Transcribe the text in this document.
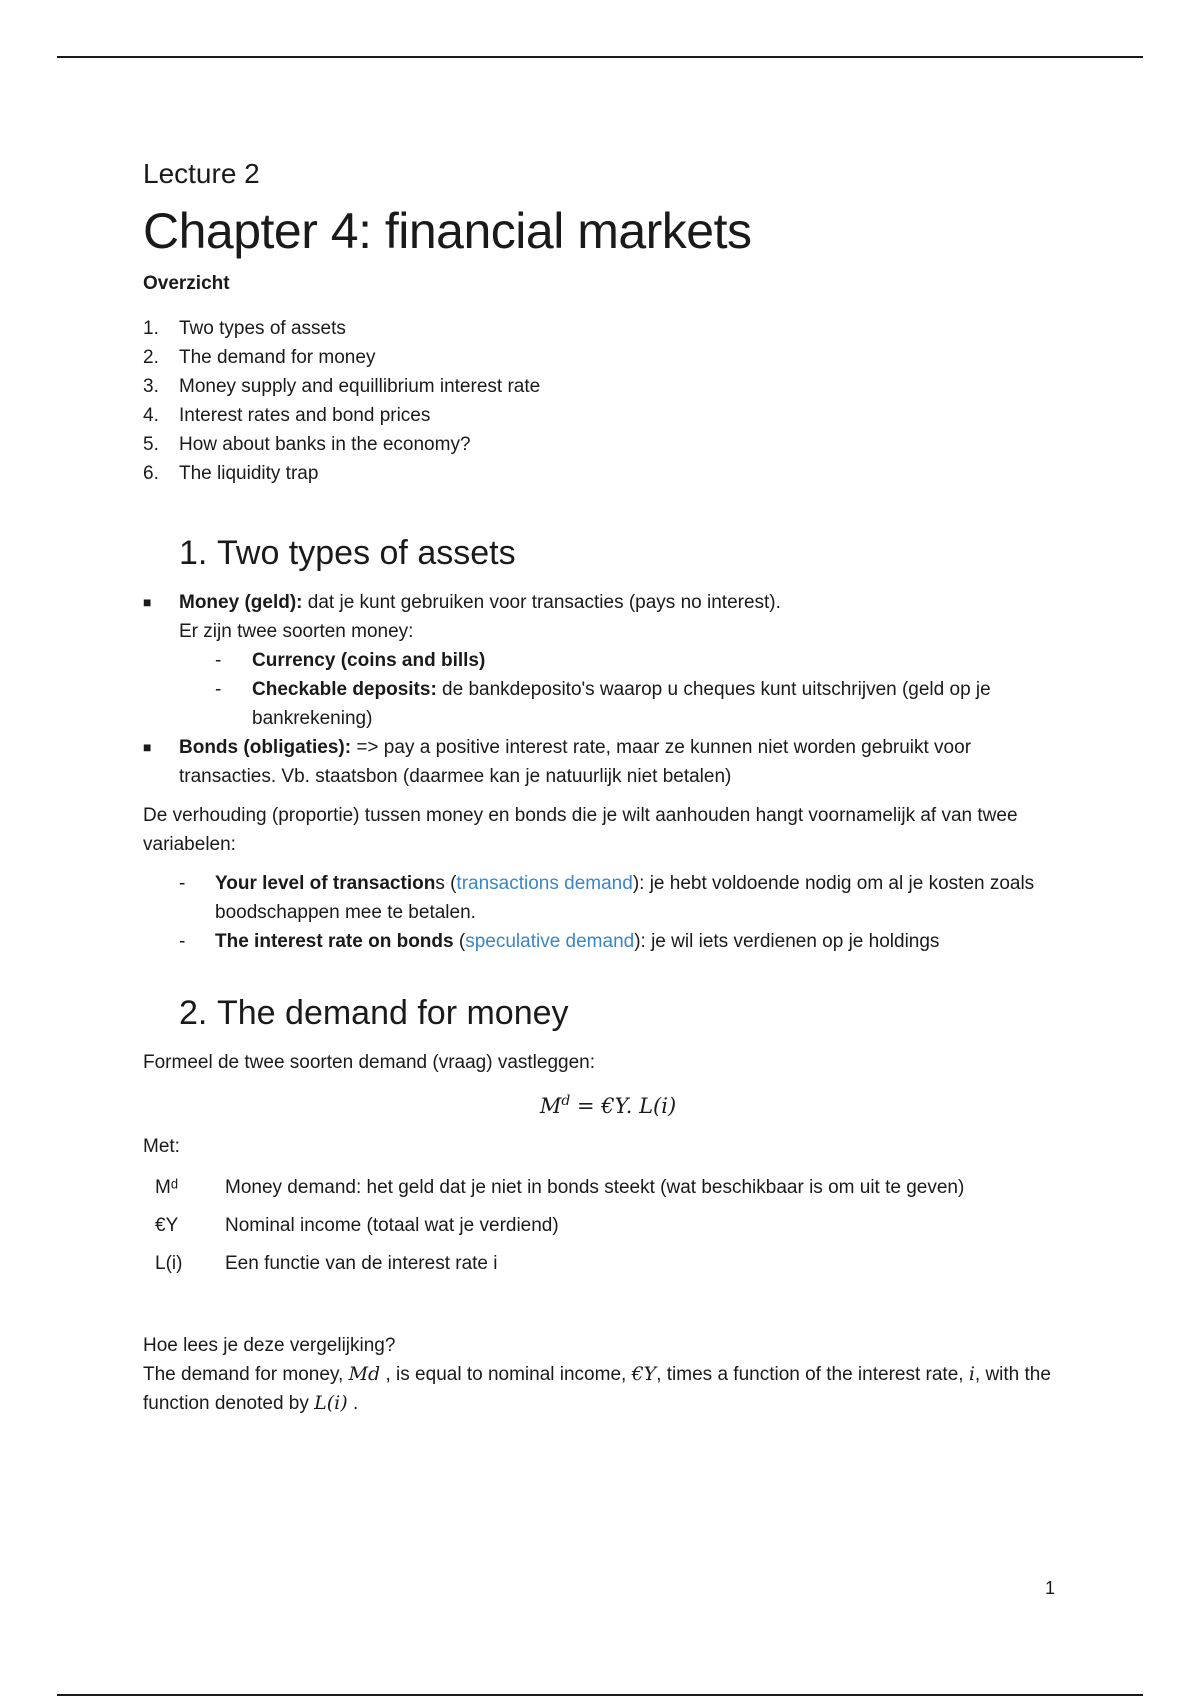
Lecture 2

Chapter 4: financial markets

Overzicht

1.	Two types of assets
2.	The demand for money
3.	Money supply and equillibrium interest rate
4.	Interest rates and bond prices
5.	How about banks in the economy?
6.	The liquidity trap
1. Two types of assets
■	Money (geld): dat je kunt gebruiken voor transacties (pays no interest).
Er zijn twee soorten money:
-	Currency (coins and bills)
-	Checkable deposits: de bankdeposito's waarop u cheques kunt uitschrijven (geld op je bankrekening)
■	Bonds (obligaties): => pay a positive interest rate, maar ze kunnen niet worden gebruikt voor transacties. Vb. staatsbon (daarmee kan je natuurlijk niet betalen)

De verhouding (proportie) tussen money en bonds die je wilt aanhouden hangt voornamelijk af van twee variabelen:

-	Your level of transactions (transactions demand): je hebt voldoende nodig om al je kosten zoals boodschappen mee te betalen.
-	The interest rate on bonds (speculative demand): je wil iets verdienen op je holdings
2. The demand for money

Formeel de twee soorten demand (vraag) vastleggen:

$M^d$ = €Y. L(i)

Met:

Mᵈ	Money demand: het geld dat je niet in bonds steekt (wat beschikbaar is om uit te geven)
€Y	Nominal income (totaal wat je verdiend)
L(i)	Een functie van de interest rate i

Hoe lees je deze vergelijking?

The demand for money, Md , is equal to nominal income, €Y, times a function of the interest rate, i, with the function denoted by L(i) .

1
